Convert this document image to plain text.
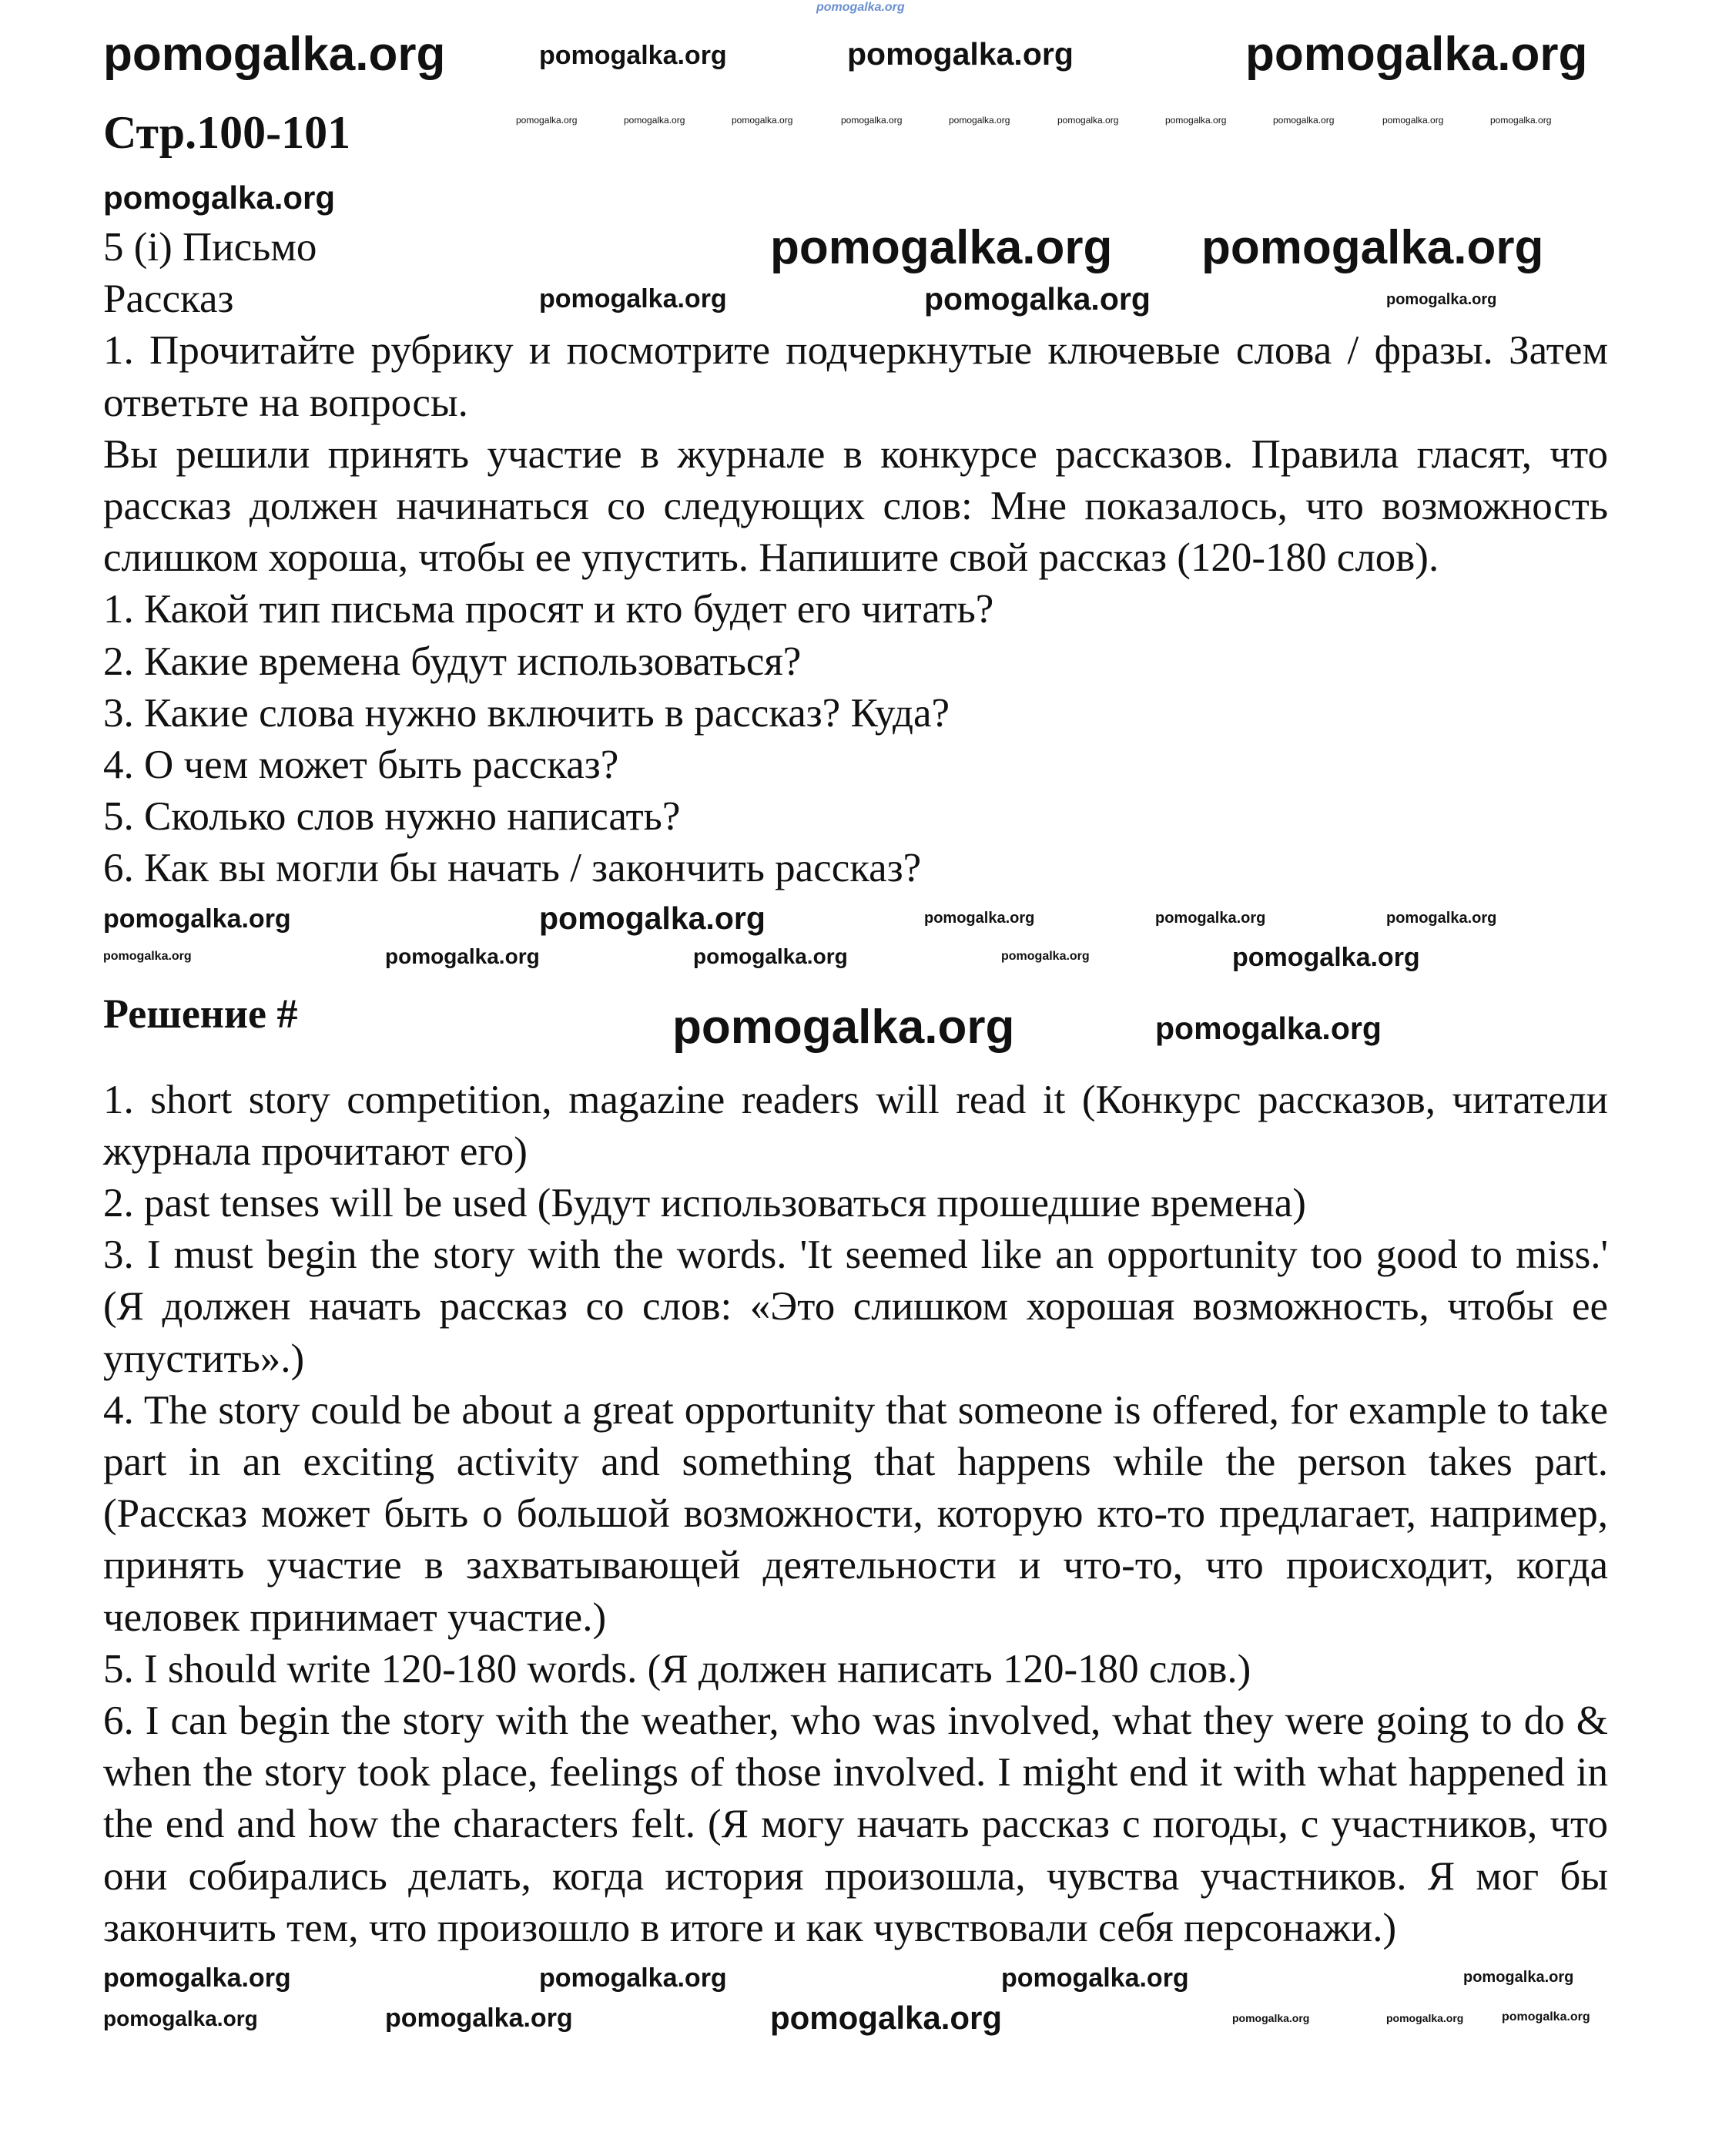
pomogalka.org
pomogalka.org	pomogalka.org	pomogalka.org	pomogalka.org
Стр.100-101	pomogalka.org	pomogalka.org	pomogalka.org	pomogalka.org	pomogalka.org	pomogalka.org	pomogalka.org	pomogalka.org	pomogalka.org	pomogalka.org
pomogalka.org

5 (i) Письмо	pomogalka.org pomogalka.org

Рассказ	pomogalka.org	pomogalka.org	pomogalka.org

1. Прочитайте рубрику и посмотрите подчеркнутые ключевые слова / фразы. Затем ответьте на вопросы.

Вы решили принять участие в журнале в конкурсе рассказов. Правила гласят, что рассказ должен начинаться со следующих слов: Мне показалось, что возможность слишком хороша, чтобы ее упустить. Напишите свой рассказ (120-180 слов).

1. Какой тип письма просят и кто будет его читать?

2. Какие времена будут использоваться?

3. Какие слова нужно включить в рассказ? Куда?

4. О чем может быть рассказ?

5. Сколько слов нужно написать?

6. Как вы могли бы начать / закончить рассказ?

pomogalka.org	pomogalka.org	pomogalka.org	pomogalka.org	pomogalka.org
pomogalka.org	pomogalka.org	pomogalka.org	pomogalka.org	pomogalka.org
Решение #	pomogalka.org	pomogalka.org

1. short story competition, magazine readers will read it (Конкурс рассказов, читатели журнала прочитают его)

2. past tenses will be used (Будут использоваться прошедшие времена)

3. I must begin the story with the words. 'It seemed like an opportunity too good to miss.' (Я должен начать рассказ со слов: «Это слишком хорошая возможность, чтобы ее упустить».)

4. The story could be about a great opportunity that someone is offered, for example to take part in an exciting activity and something that happens while the person takes part. (Рассказ может быть о большой возможности, которую кто-то предлагает, например, принять участие в захватывающей деятельности и что-то, что происходит, когда человек принимает участие.)

5. I should write 120-180 words. (Я должен написать 120-180 слов.)

6. I can begin the story with the weather, who was involved, what they were going to do & when the story took place, feelings of those involved. I might end it with what happened in the end and how the characters felt. (Я могу начать рассказ с погоды, с участников, что они собирались делать, когда история произошла, чувства участников. Я мог бы закончить тем, что произошло в итоге и как чувствовали себя персонажи.)

pomogalka.org	pomogalka.org	pomogalka.org	pomogalka.org
pomogalka.org	pomogalka.org	pomogalka.org	pomogalka.org	pomogalka.org	pomogalka.org
